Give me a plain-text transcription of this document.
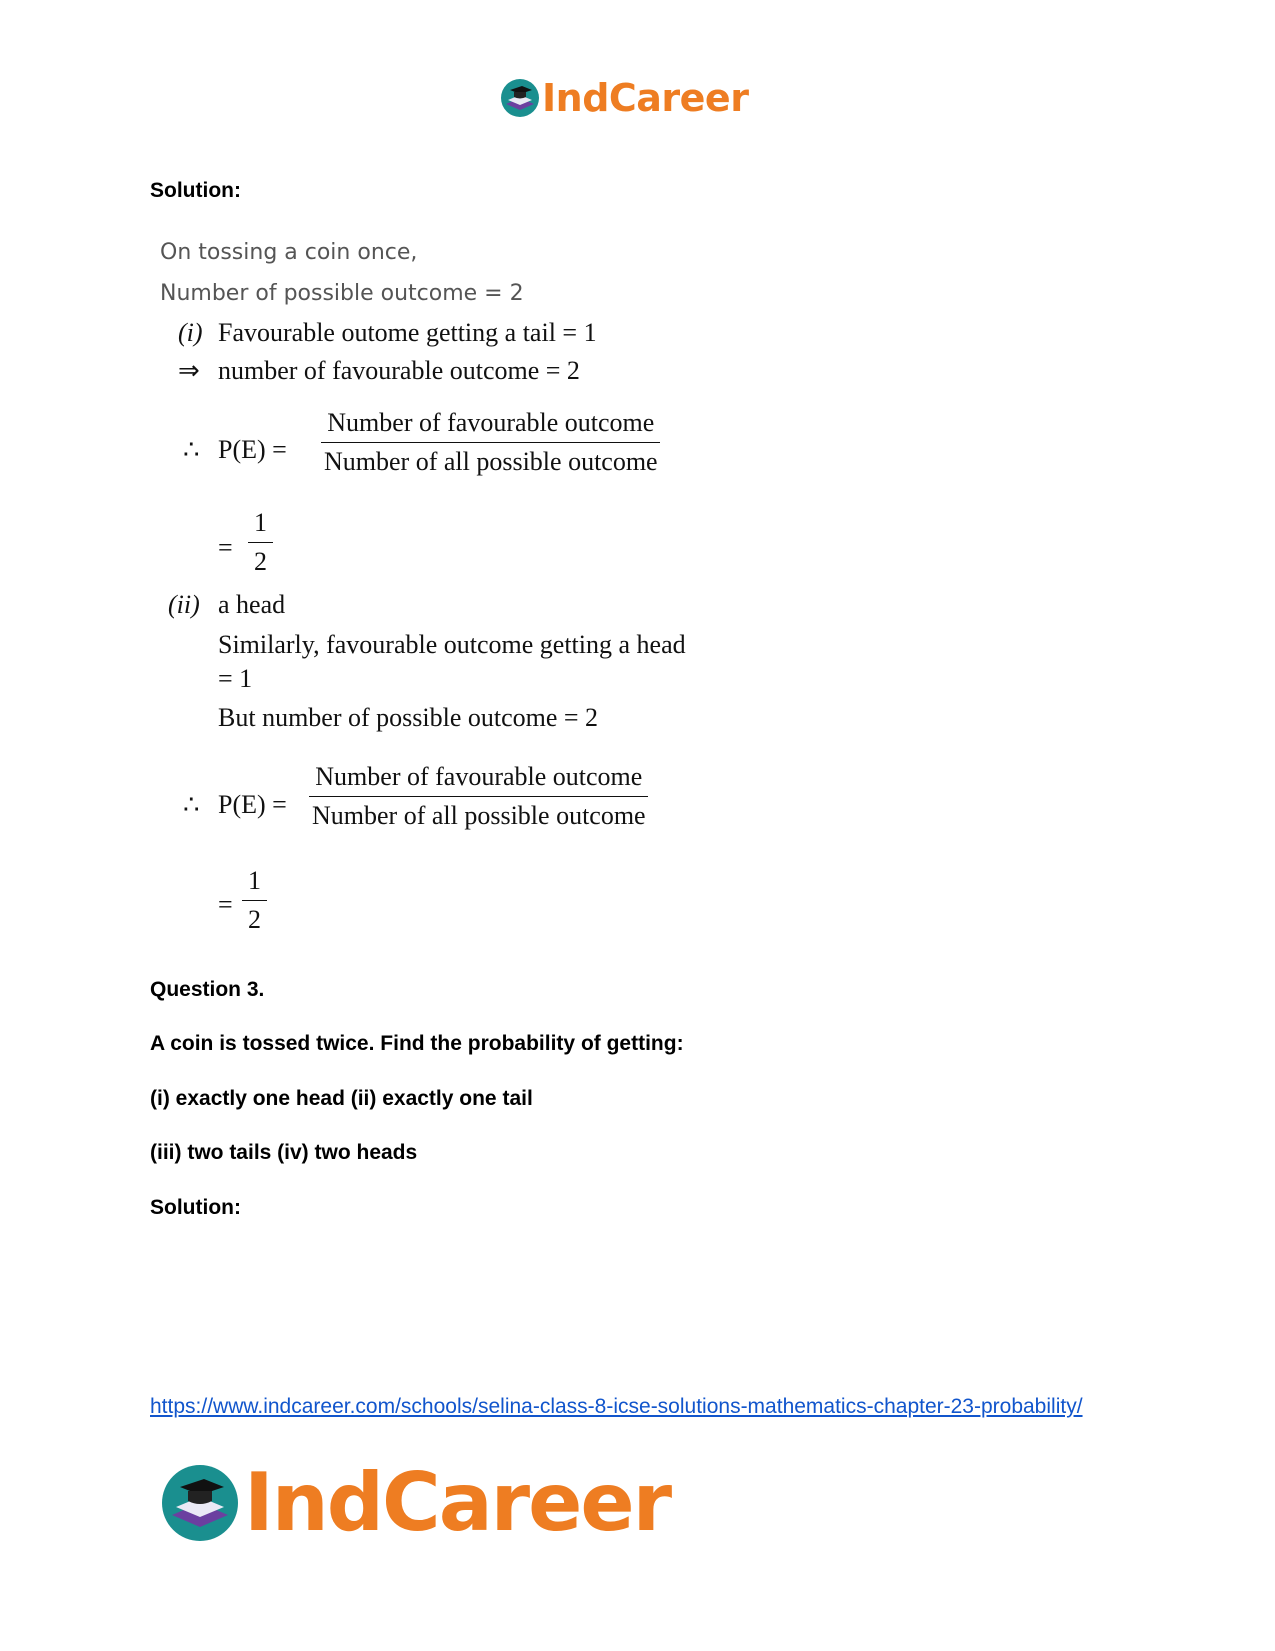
IndCareer
Solution:
On tossing a coin once,
Number of possible outcome = 2
(i) Favourable outome getting a tail = 1
⇒ number of favourable outcome = 2
∴ P(E) =
Number of favourable outcome
Number of all possible outcome
= $\frac{1}{2}$
(ii) a head
Similarly, favourable outcome getting a head
= 1
But number of possible outcome = 2
∴ P(E) =
Number of favourable outcome
Number of all possible outcome
= $\frac{1}{2}$
Question 3.
A coin is tossed twice. Find the probability of getting:
(i) exactly one head (ii) exactly one tail
(iii) two tails (iv) two heads
Solution:
https://www.indcareer.com/schools/selina-class-8-icse-solutions-mathematics-chapter-23-probability/
IndCareer
